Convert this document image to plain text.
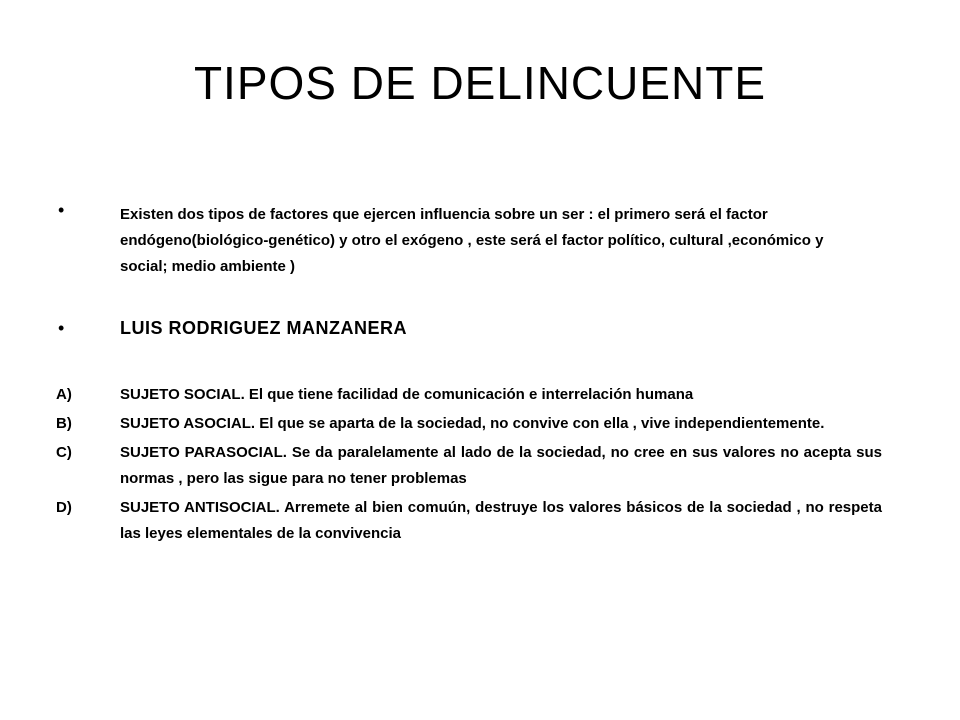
TIPOS DE DELINCUENTE
•	Existen dos tipos de factores que ejercen influencia sobre un ser : el primero será el factor endógeno(biológico-genético) y otro el exógeno , este será el factor político, cultural ,económico y social; medio ambiente )

•	LUIS RODRIGUEZ MANZANERA

A)	SUJETO SOCIAL. El que tiene facilidad de comunicación e interrelación humana
B)	SUJETO ASOCIAL. El que se aparta de la sociedad, no convive con ella , vive independientemente.
C)	SUJETO PARASOCIAL. Se da paralelamente al lado de la sociedad, no cree en sus valores no acepta sus normas , pero las sigue para no tener problemas
D)	SUJETO ANTISOCIAL. Arremete al bien comuún, destruye los valores básicos de la sociedad , no respeta las leyes elementales de la convivencia
